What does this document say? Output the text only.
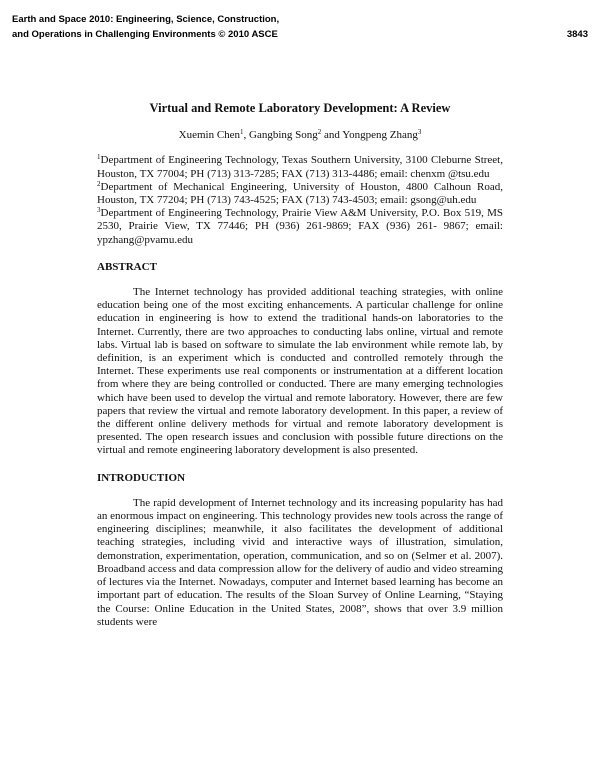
Earth and Space 2010: Engineering, Science, Construction,
and Operations in Challenging Environments © 2010 ASCE	3843
Virtual and Remote Laboratory Development: A Review
Xuemin Chen$^1$, Gangbing Song$^2$ and Yongpeng Zhang$^3$

$^1$Department of Engineering Technology, Texas Southern University, 3100 Cleburne Street, Houston, TX 77004; PH (713) 313-7285; FAX (713) 313-4486; email: chenxm @tsu.edu

$^2$Department of Mechanical Engineering, University of Houston, 4800 Calhoun Road, Houston, TX 77204; PH (713) 743-4525; FAX (713) 743-4503; email: gsong@uh.edu

$^3$Department of Engineering Technology, Prairie View A&M University, P.O. Box 519, MS 2530, Prairie View, TX 77446; PH (936) 261-9869; FAX (936) 261- 9867; email: ypzhang@pvamu.edu

ABSTRACT

The Internet technology has provided additional teaching strategies, with online education being one of the most exciting enhancements. A particular challenge for online education in engineering is how to extend the traditional hands-on laboratories to the Internet. Currently, there are two approaches to conducting labs online, virtual and remote labs. Virtual lab is based on software to simulate the lab environment while remote lab, by definition, is an experiment which is conducted and controlled remotely through the Internet. These experiments use real components or instrumentation at a different location from where they are being controlled or conducted. There are many emerging technologies which have been used to develop the virtual and remote laboratory. However, there are few papers that review the virtual and remote laboratory development. In this paper, a review of the different online delivery methods for virtual and remote laboratory development is presented. The open research issues and conclusion with possible future directions on the virtual and remote engineering laboratory development is also presented.

INTRODUCTION

The rapid development of Internet technology and its increasing popularity has had an enormous impact on engineering. This technology provides new tools across the range of engineering disciplines; meanwhile, it also facilitates the development of additional teaching strategies, including vivid and interactive ways of illustration, simulation, demonstration, experimentation, operation, communication, and so on (Selmer et al. 2007). Broadband access and data compression allow for the delivery of audio and video streaming of lectures via the Internet. Nowadays, computer and Internet based learning has become an important part of education. The results of the Sloan Survey of Online Learning, “Staying the Course: Online Education in the United States, 2008”, shows that over 3.9 million students were
